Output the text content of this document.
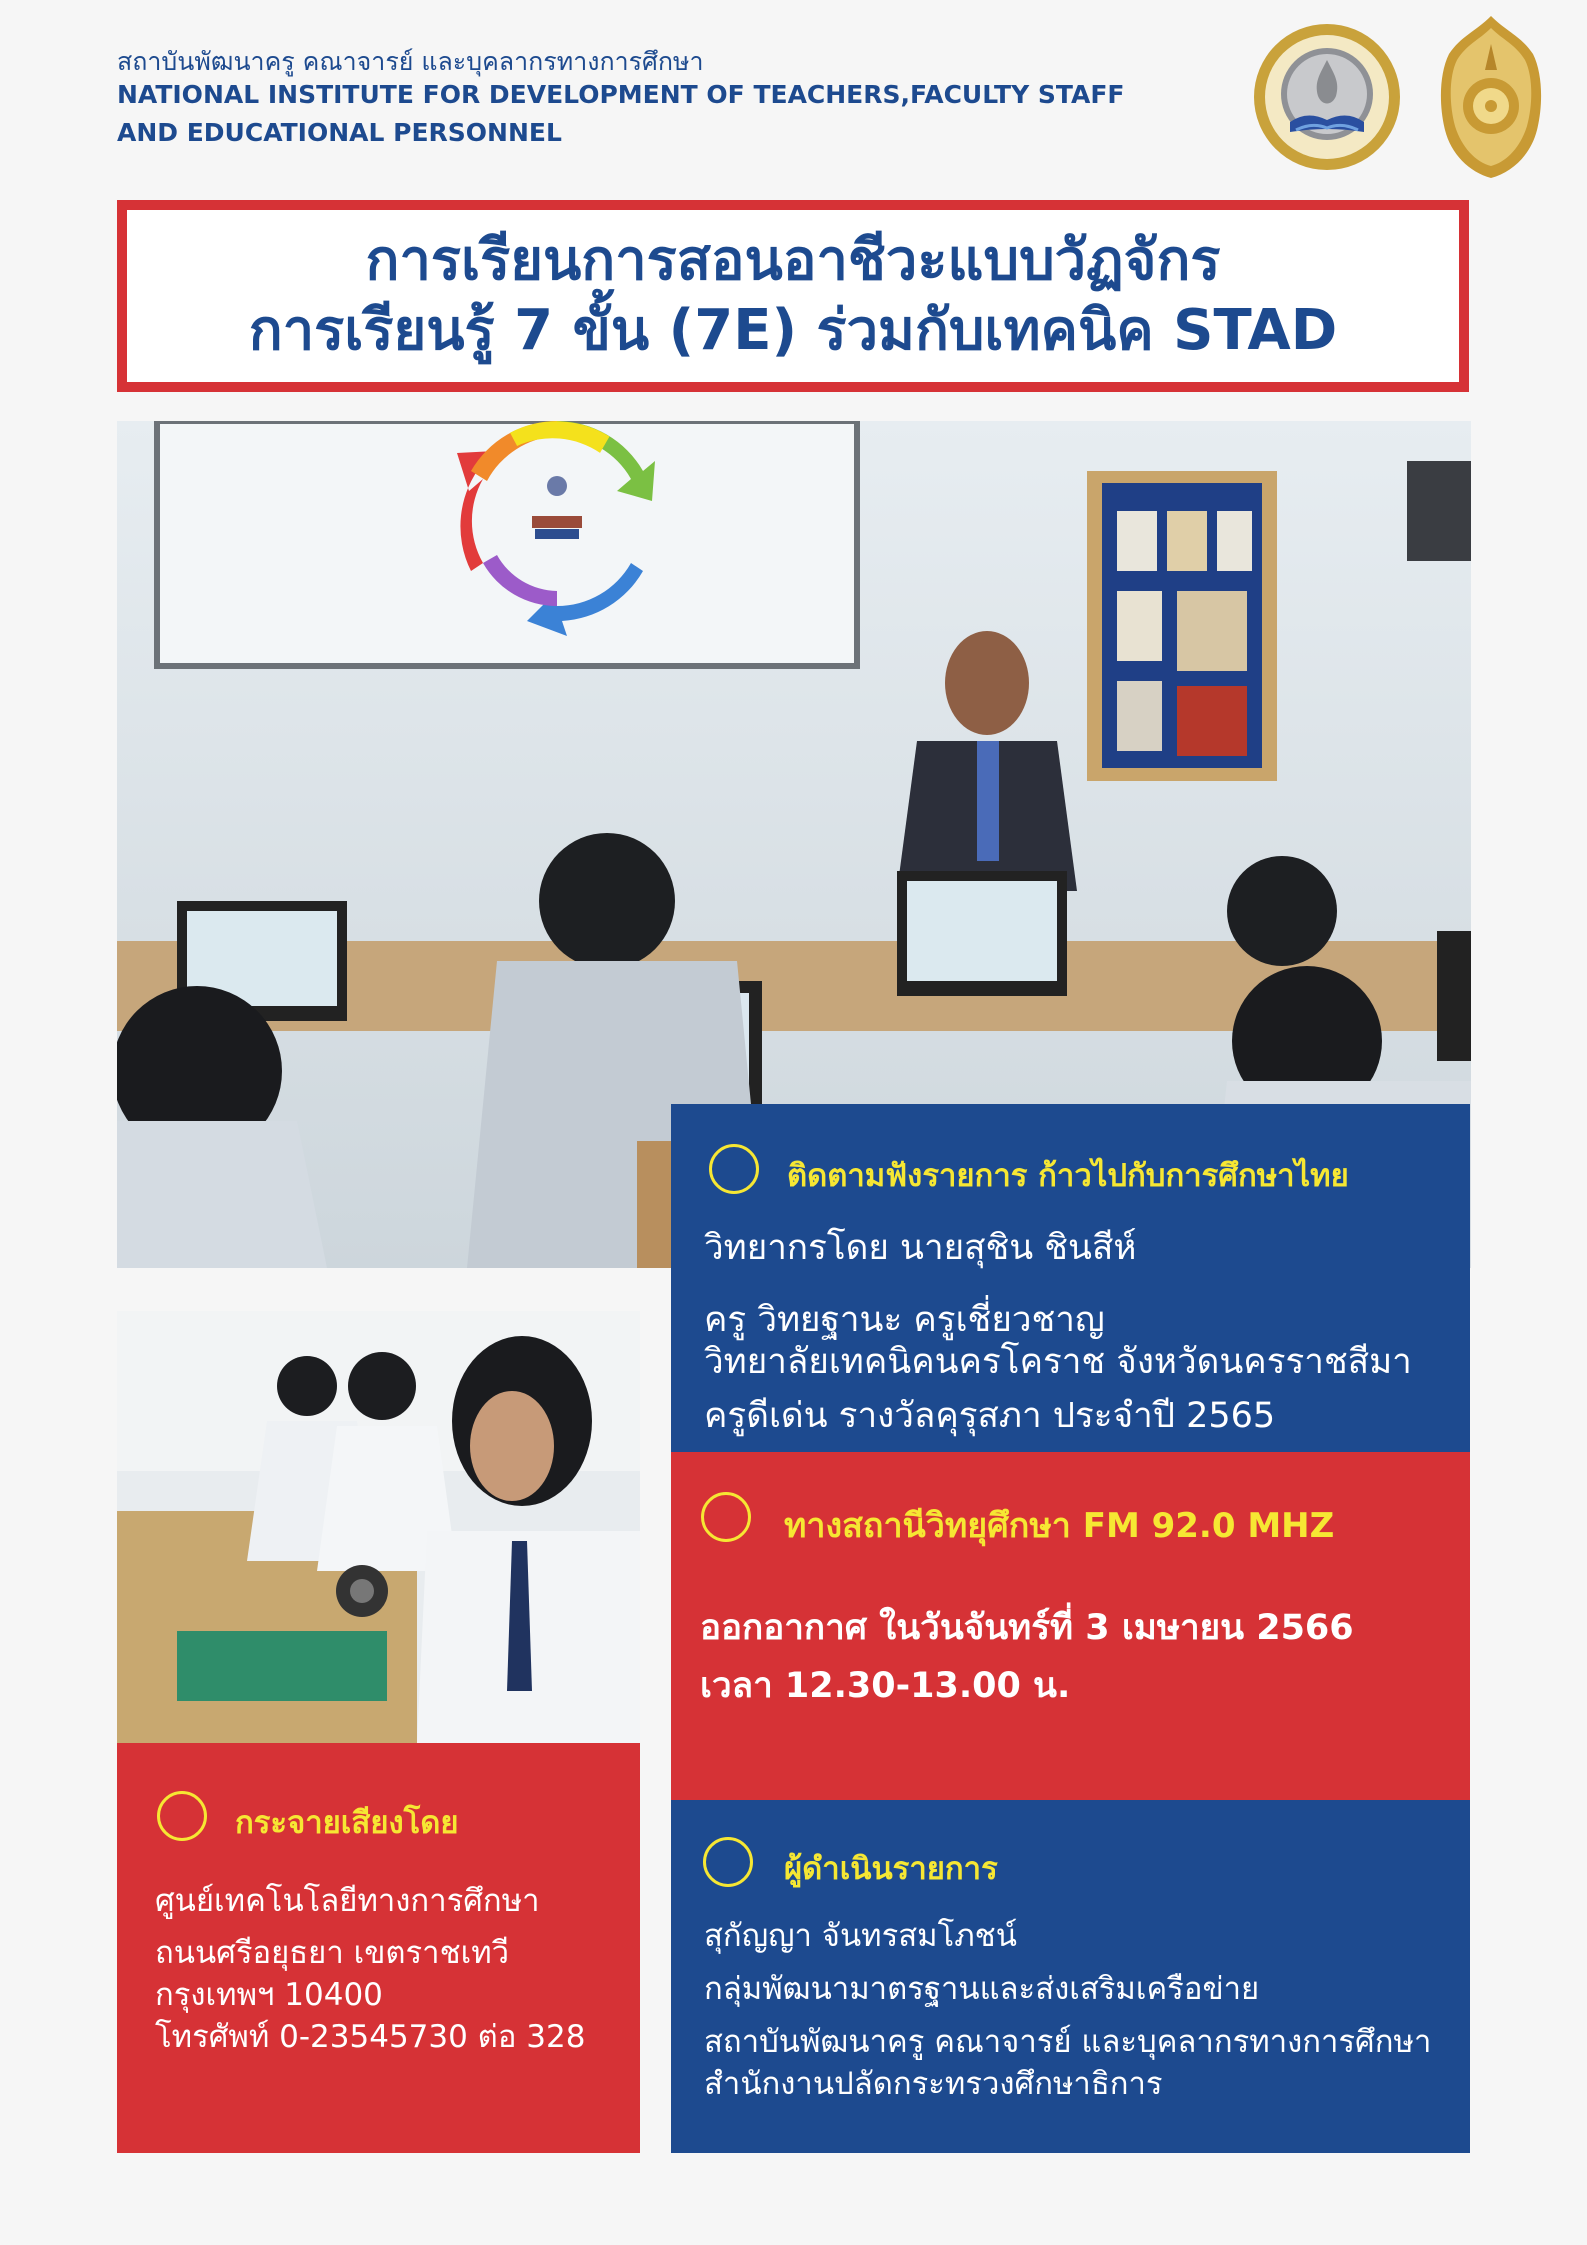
สถาบันพัฒนาครู คณาจารย์ และบุคลากรทางการศึกษา
NATIONAL INSTITUTE FOR DEVELOPMENT OF TEACHERS,FACULTY STAFF
AND EDUCATIONAL PERSONNEL
การเรียนการสอนอาชีวะแบบวัฏจักร
การเรียนรู้ 7 ขั้น (7E) ร่วมกับเทคนิค STAD
ติดตามฟังรายการ ก้าวไปกับการศึกษาไทย
วิทยากรโดย นายสุชิน ชินสีห์
ครู วิทยฐานะ ครูเชี่ยวชาญ
วิทยาลัยเทคนิคนครโคราช จังหวัดนครราชสีมา
ครูดีเด่น รางวัลคุรุสภา ประจำปี 2565
ทางสถานีวิทยุศึกษา FM 92.0 MHZ
ออกอากาศ ในวันจันทร์ที่ 3 เมษายน 2566
เวลา 12.30-13.00 น.
ผู้ดำเนินรายการ
สุกัญญา จันทรสมโภชน์
กลุ่มพัฒนามาตรฐานและส่งเสริมเครือข่าย
สถาบันพัฒนาครู คณาจารย์ และบุคลากรทางการศึกษา
สำนักงานปลัดกระทรวงศึกษาธิการ
กระจายเสียงโดย
ศูนย์เทคโนโลยีทางการศึกษา
ถนนศรีอยุธยา เขตราชเทวี
กรุงเทพฯ 10400
โทรศัพท์ 0-23545730 ต่อ 328
